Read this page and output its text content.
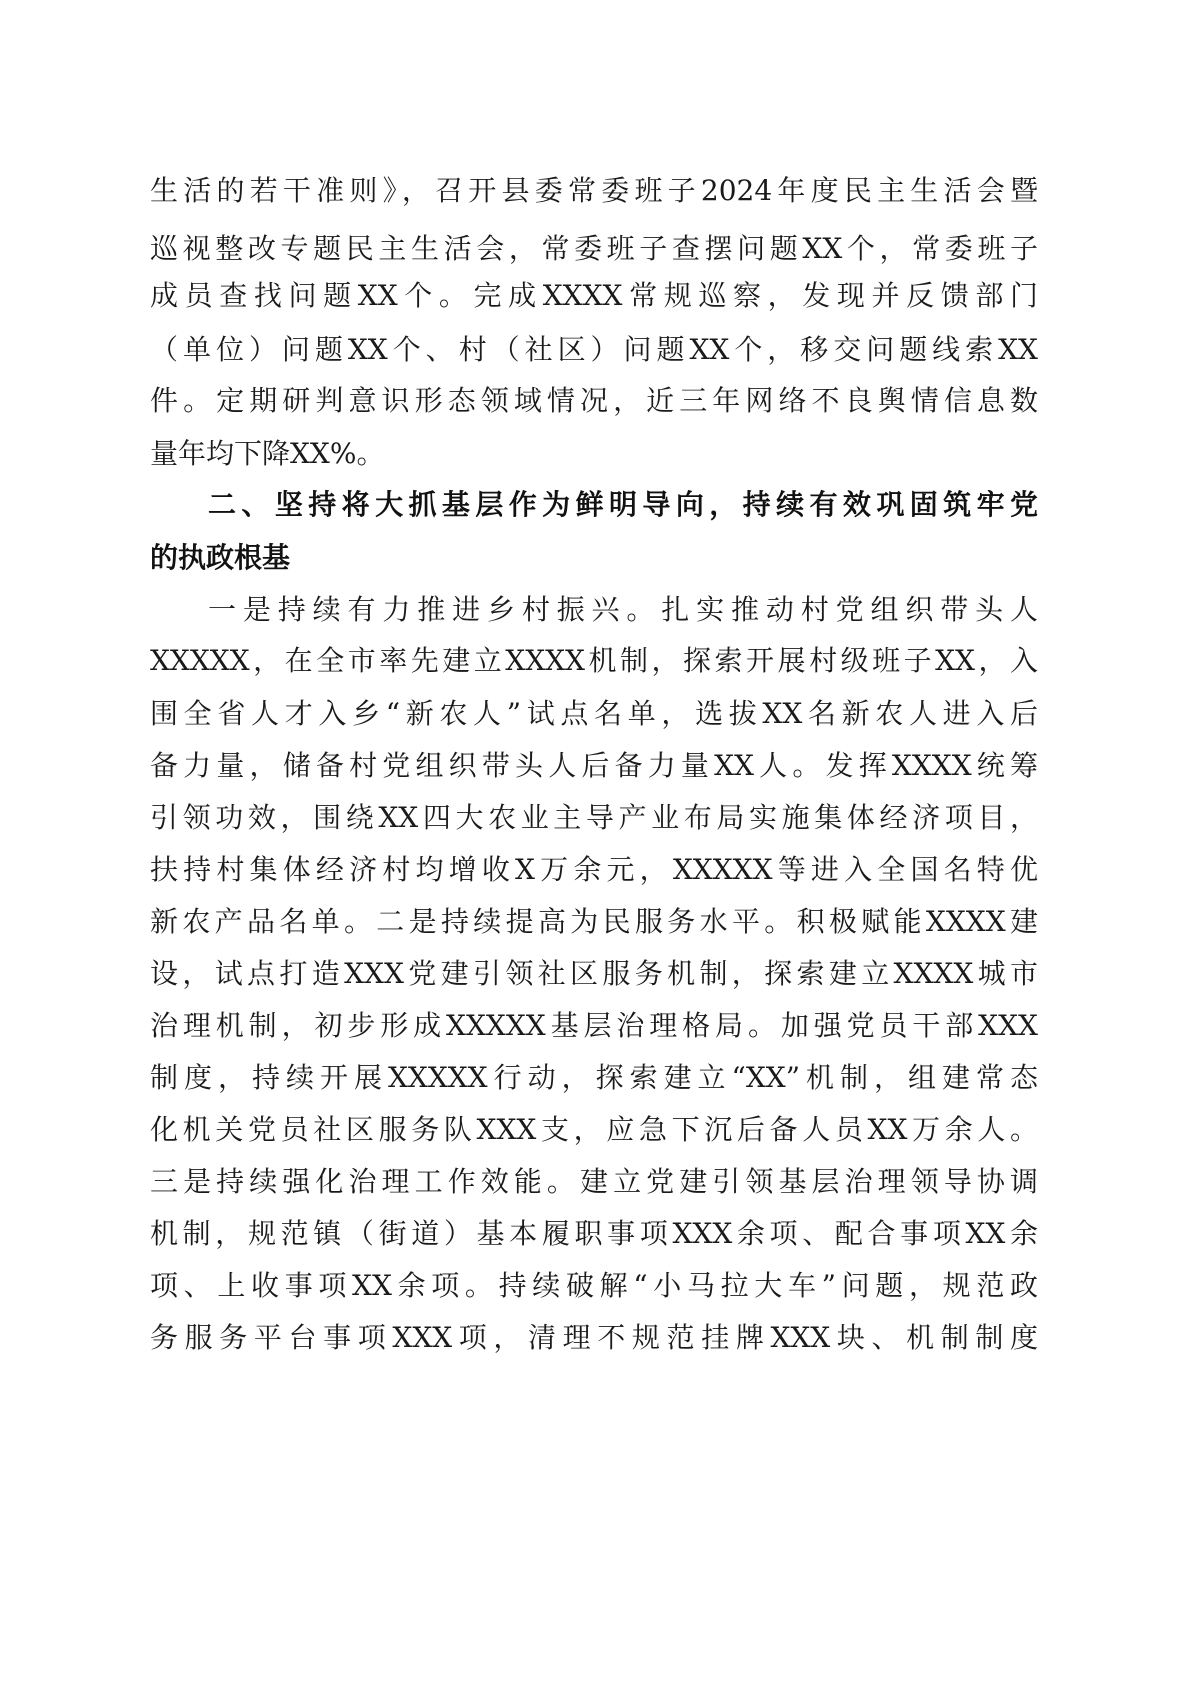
生活的若干准则》，召开县委常委班子2024年度民主生活会暨
巡视整改专题民主生活会，常委班子查摆问题XX个，常委班子
成员查找问题XX个。完成XXXX常规巡察，发现并反馈部门
（单位）问题XX个、村（社区）问题XX个，移交问题线索XX
件。定期研判意识形态领域情况，近三年网络不良舆情信息数
量年均下降XX%。
二、坚持将大抓基层作为鲜明导向，持续有效巩固筑牢党
的执政根基
一是持续有力推进乡村振兴。扎实推动村党组织带头人
XXXXX，在全市率先建立XXXX机制，探索开展村级班子XX，入
围全省人才入乡“新农人”试点名单，选拔XX名新农人进入后
备力量，储备村党组织带头人后备力量XX人。发挥XXXX统筹
引领功效，围绕XX四大农业主导产业布局实施集体经济项目，
扶持村集体经济村均增收X万余元，XXXXX等进入全国名特优
新农产品名单。二是持续提高为民服务水平。积极赋能XXXX建
设，试点打造XXX党建引领社区服务机制，探索建立XXXX城市
治理机制，初步形成XXXXX基层治理格局。加强党员干部XXX
制度，持续开展XXXXX行动，探索建立“XX”机制，组建常态
化机关党员社区服务队XXX支，应急下沉后备人员XX万余人。
三是持续强化治理工作效能。建立党建引领基层治理领导协调
机制，规范镇（街道）基本履职事项XXX余项、配合事项XX余
项、上收事项XX余项。持续破解“小马拉大车”问题，规范政
务服务平台事项XXX项，清理不规范挂牌XXX块、机制制度
